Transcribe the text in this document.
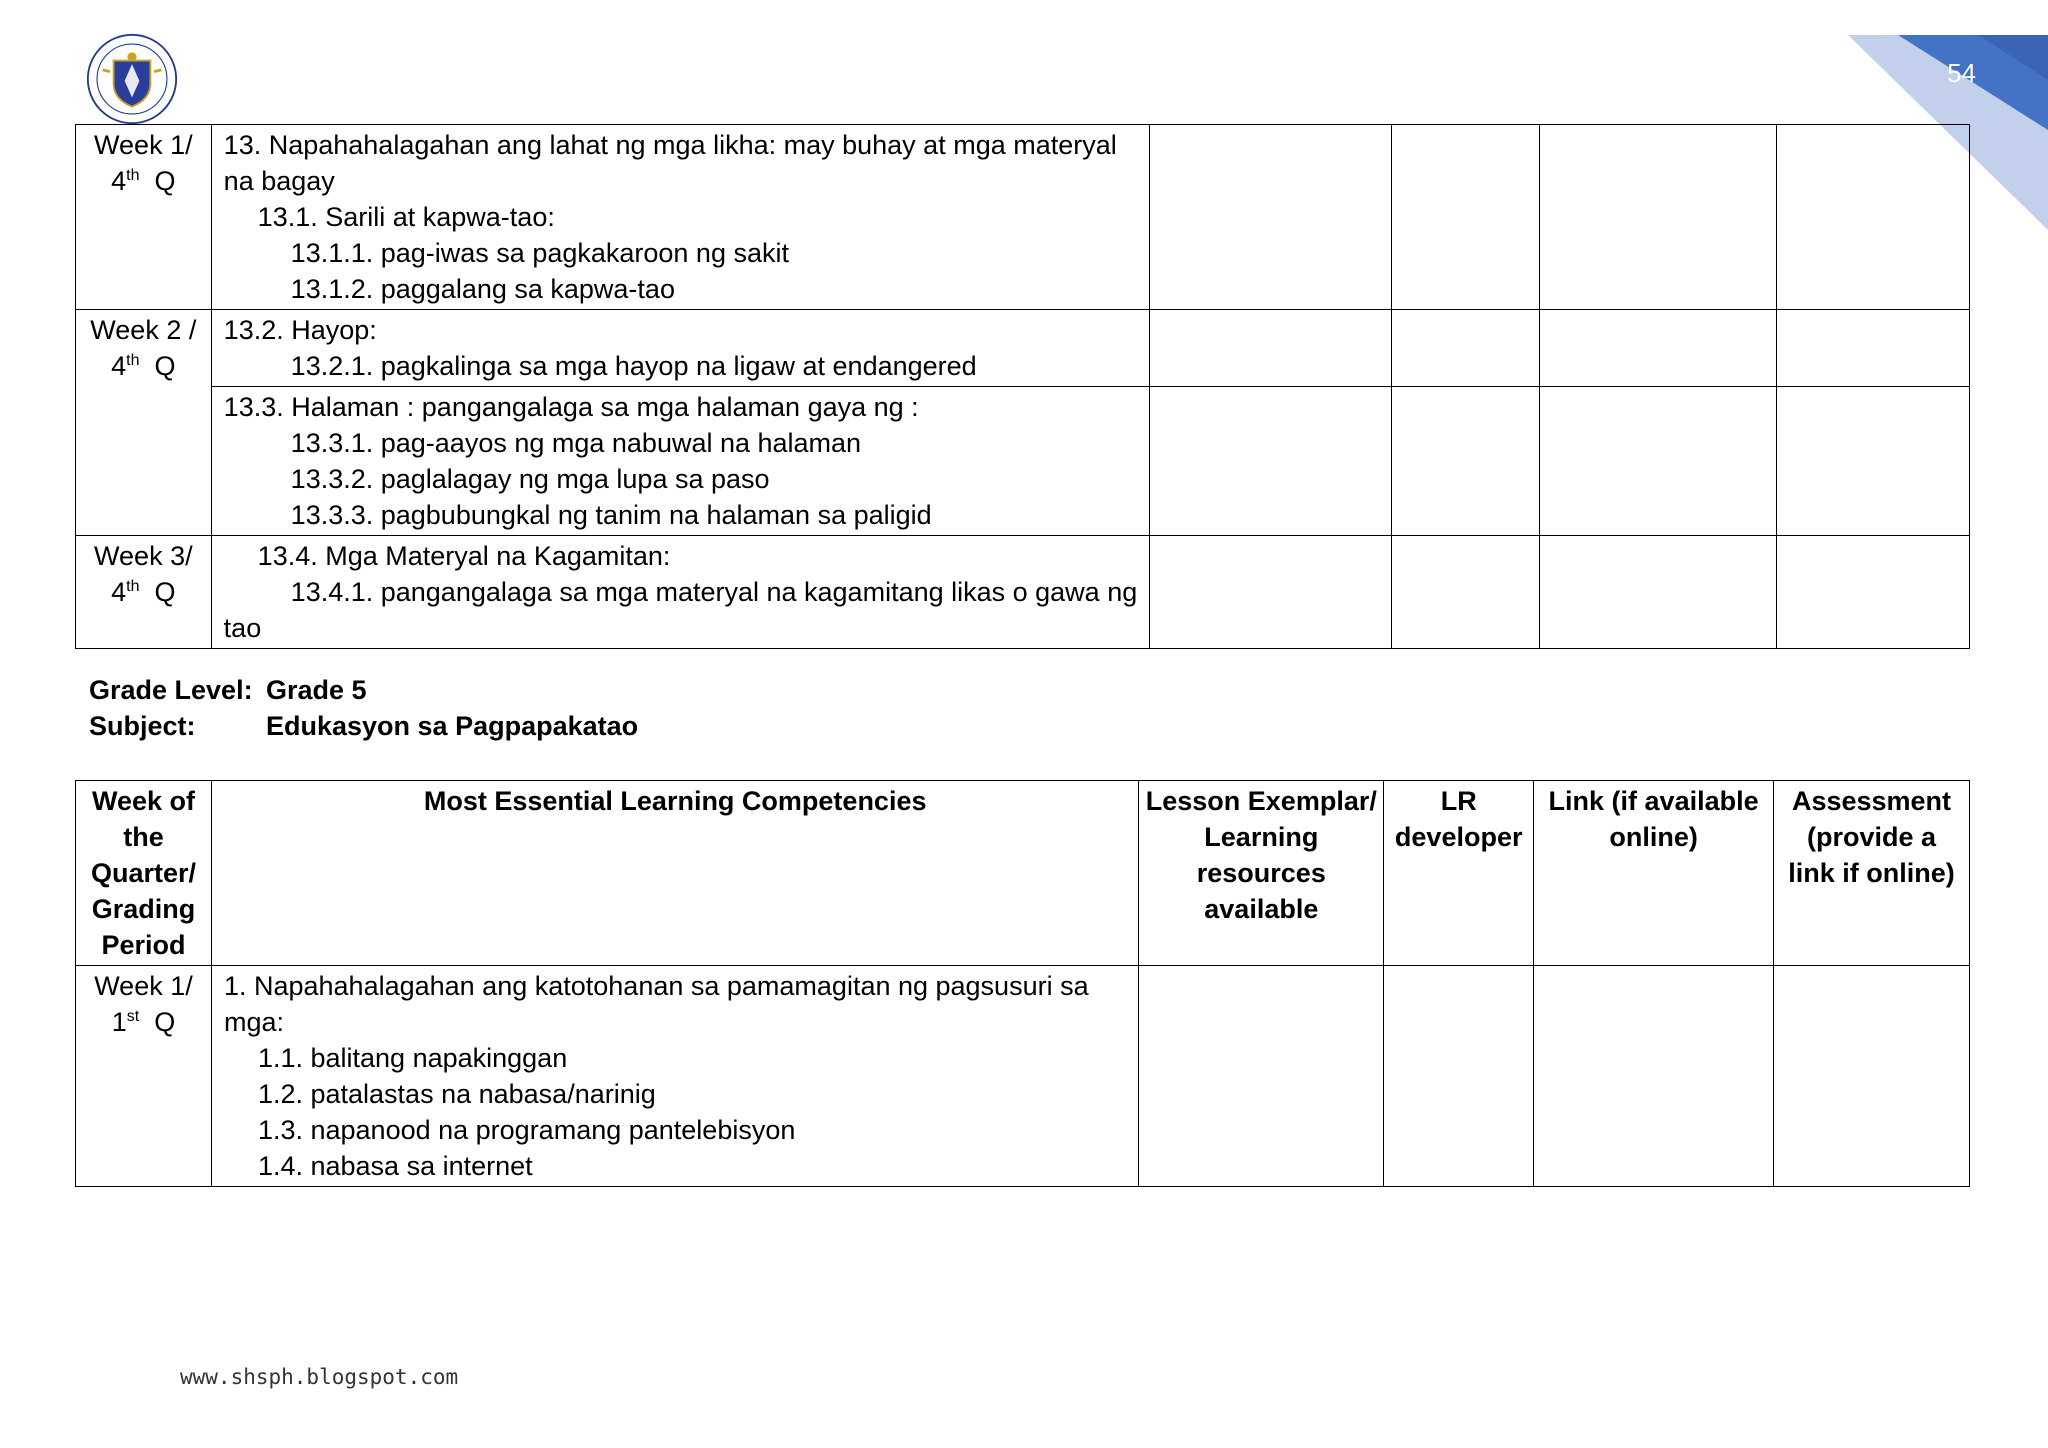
54
Week 1/
4th Q	13. Napahahalagahan ang lahat ng mga likha: may buhay at mga materyal na bagay
13.1. Sarili at kapwa-tao:
13.1.1. pag-iwas sa pagkakaroon ng sakit
13.1.2. paggalang sa kapwa-tao				

Week 2 /
4th Q	13.2. Hayop:
13.2.1. pagkalinga sa mga hayop na ligaw at endangered				

	13.3. Halaman : pangangalaga sa mga halaman gaya ng :
13.3.1. pag-aayos ng mga nabuwal na halaman
13.3.2. paglalagay ng mga lupa sa paso
13.3.3. pagbubungkal ng tanim na halaman sa paligid				

Week 3/
4th Q	13.4. Mga Materyal na Kagamitan:
13.4.1. pangangalaga sa mga materyal na kagamitang likas o gawa ng
tao				

Grade Level: Grade 5
Subject:	Edukasyon sa Pagpapakatao
Week of the Quarter/ Grading Period	Most Essential Learning Competencies	Lesson Exemplar/ Learning resources available	LR developer	Link (if available online)	Assessment (provide a link if online)

Week 1/
1st Q	1. Napahahalagahan ang katotohanan sa pamamagitan ng pagsusuri sa mga:
1.1. balitang napakinggan
1.2. patalastas na nabasa/narinig
1.3. napanood na programang pantelebisyon
1.4. nabasa sa internet				

www.shsph.blogspot.com
